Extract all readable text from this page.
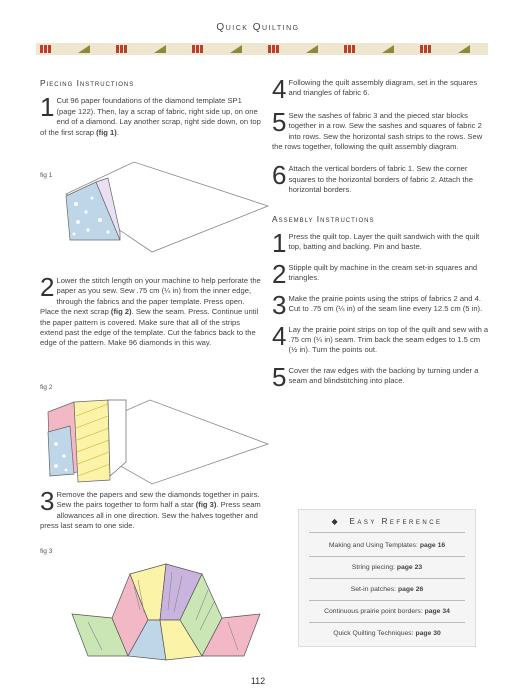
Quick Quilting
Piecing Instructions

1 Cut 96 paper foundations of the diamond template SP1 (page 122). Then, lay a scrap of fabric, right side up, on one end of a diamond. Lay another scrap, right side down, on top of the first scrap (fig 1).

fig 1

2 Lower the stitch length on your machine to help perforate the paper as you sew. Sew .75 cm (¼ in) from the inner edge, through the fabrics and the paper template. Press open. Place the next scrap (fig 2). Sew the seam. Press. Continue until the paper pattern is covered. Make sure that all of the strips extend past the edge of the template. Cut the fabrics back to the edge of the pattern. Make 96 diamonds in this way.

fig 2

3 Remove the papers and sew the diamonds together in pairs. Sew the pairs together to form half a star (fig 3). Press seam allowances all in one direction. Sew the halves together and press last seam to one side.

fig 3

4 Following the quilt assembly diagram, set in the squares and triangles of fabric 6.

5 Sew the sashes of fabric 3 and the pieced star blocks together in a row. Sew the sashes and squares of fabric 2 into rows. Sew the horizontal sash strips to the rows. Sew the rows together, following the quilt assembly diagram.

6 Attach the vertical borders of fabric 1. Sew the corner squares to the horizontal borders of fabric 2. Attach the horizontal borders.

Assembly Instructions

1 Press the quilt top. Layer the quilt sandwich with the quilt top, batting and backing. Pin and baste.

2 Stipple quilt by machine in the cream set-in squares and triangles.

3 Make the prairie points using the strips of fabrics 2 and 4. Cut to .75 cm (¼ in) of the seam line every 12.5 cm (5 in).

4 Lay the prairie point strips on top of the quilt and sew with a .75 cm (¼ in) seam. Trim back the seam edges to 1.5 cm (½ in). Turn the points out.

5 Cover the raw edges with the backing by turning under a seam and blindstitching into place.

◆  Easy Reference
Making and Using Templates: page 16
String piecing: page 23
Set-in patches: page 26
Continuous prairie point borders: page 34
Quick Quilting Techniques: page 30
112
